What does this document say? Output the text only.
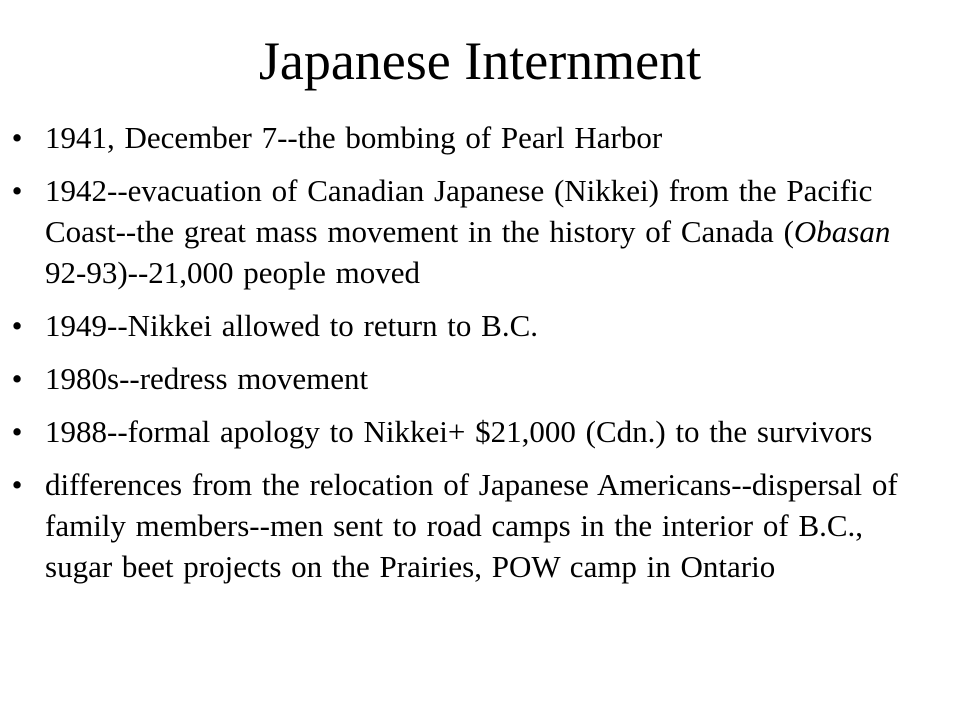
Japanese Internment
• 1941, December 7--the bombing of Pearl Harbor
• 1942--evacuation of Canadian Japanese (Nikkei) from the Pacific Coast--the great mass movement in the history of Canada (Obasan 92-93)--21,000 people moved
• 1949--Nikkei allowed to return to B.C.
• 1980s--redress movement
• 1988--formal apology to Nikkei+ $21,000 (Cdn.) to the survivors
• differences from the relocation of Japanese Americans--dispersal of family members--men sent to road camps in the interior of B.C., sugar beet projects on the Prairies, POW camp in Ontario
